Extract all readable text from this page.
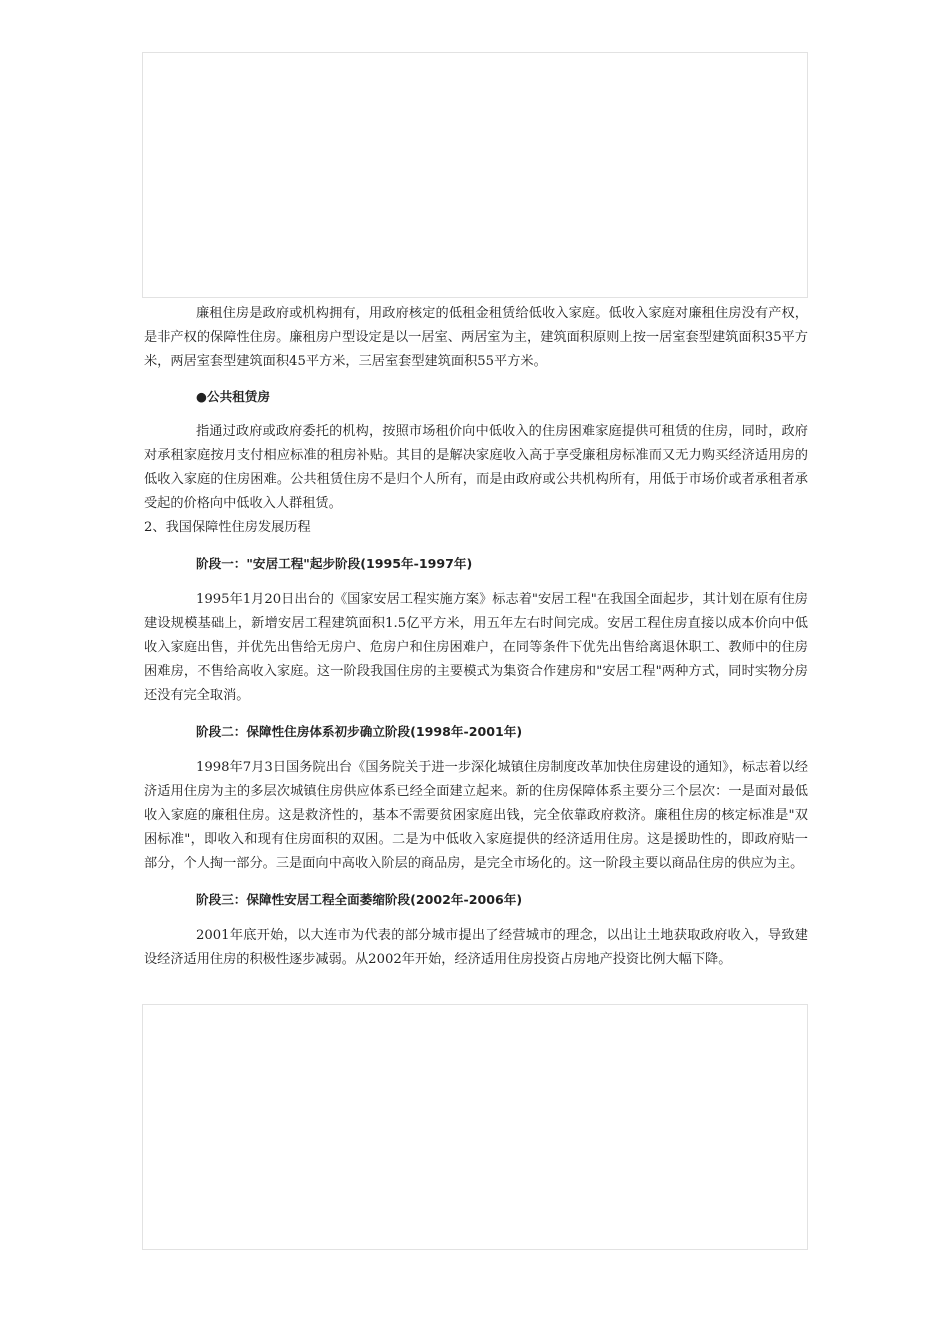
廉租住房是政府或机构拥有，用政府核定的低租金租赁给低收入家庭。低收入家庭对廉租住房没有产权，是非产权的保障性住房。廉租房户型设定是以一居室、两居室为主，建筑面积原则上按一居室套型建筑面积35平方米，两居室套型建筑面积45平方米，三居室套型建筑面积55平方米。

●公共租赁房

指通过政府或政府委托的机构，按照市场租价向中低收入的住房困难家庭提供可租赁的住房，同时，政府对承租家庭按月支付相应标准的租房补贴。其目的是解决家庭收入高于享受廉租房标准而又无力购买经济适用房的低收入家庭的住房困难。公共租赁住房不是归个人所有，而是由政府或公共机构所有，用低于市场价或者承租者承受起的价格向中低收入人群租赁。

2、我国保障性住房发展历程

阶段一："安居工程"起步阶段(1995年-1997年)

1995年1月20日出台的《国家安居工程实施方案》标志着"安居工程"在我国全面起步，其计划在原有住房建设规模基础上，新增安居工程建筑面积1.5亿平方米，用五年左右时间完成。安居工程住房直接以成本价向中低收入家庭出售，并优先出售给无房户、危房户和住房困难户，在同等条件下优先出售给离退休职工、教师中的住房困难房，不售给高收入家庭。这一阶段我国住房的主要模式为集资合作建房和"安居工程"两种方式，同时实物分房还没有完全取消。

阶段二：保障性住房体系初步确立阶段(1998年-2001年)

1998年7月3日国务院出台《国务院关于进一步深化城镇住房制度改革加快住房建设的通知》，标志着以经济适用住房为主的多层次城镇住房供应体系已经全面建立起来。新的住房保障体系主要分三个层次：一是面对最低收入家庭的廉租住房。这是救济性的，基本不需要贫困家庭出钱，完全依靠政府救济。廉租住房的核定标准是"双困标准"，即收入和现有住房面积的双困。二是为中低收入家庭提供的经济适用住房。这是援助性的，即政府贴一部分，个人掏一部分。三是面向中高收入阶层的商品房，是完全市场化的。这一阶段主要以商品住房的供应为主。

阶段三：保障性安居工程全面萎缩阶段(2002年-2006年)

2001年底开始，以大连市为代表的部分城市提出了经营城市的理念，以出让土地获取政府收入，导致建设经济适用住房的积极性逐步减弱。从2002年开始，经济适用住房投资占房地产投资比例大幅下降。
